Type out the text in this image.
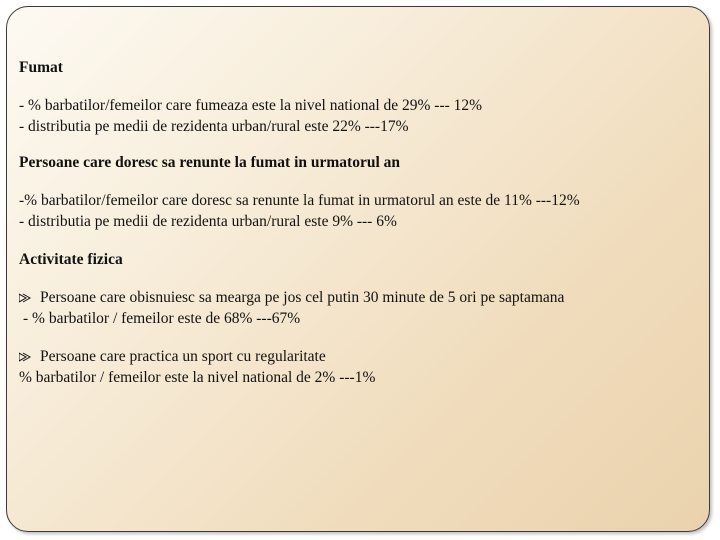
Fumat
- % barbatilor/femeilor care fumeaza este la nivel national de 29% --- 12%
- distributia pe medii de rezidenta urban/rural este 22% ---17%
Persoane care doresc sa renunte la fumat in urmatorul an
-% barbatilor/femeilor care doresc sa renunte la fumat in urmatorul an este de 11% ---12%
- distributia pe medii de rezidenta urban/rural este 9% --- 6%
Activitate fizica
Persoane care obisnuiesc sa mearga pe jos cel putin 30 minute de 5 ori pe saptamana
- % barbatilor / femeilor este de 68% ---67%
Persoane care practica un sport cu regularitate
% barbatilor / femeilor este la nivel national de 2% ---1%
